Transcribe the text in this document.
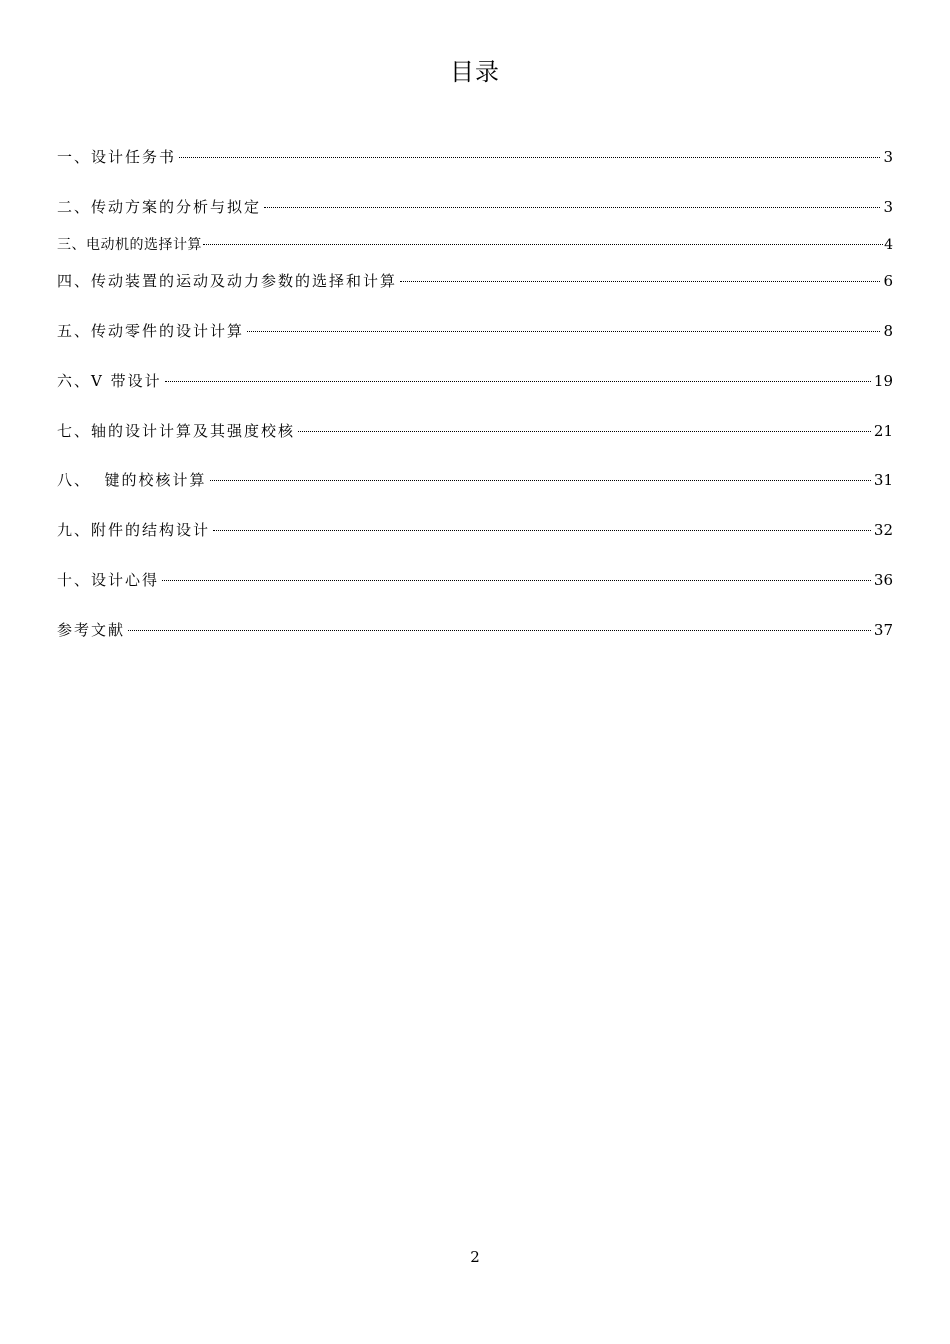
目录
一、设计任务书	3
二、传动方案的分析与拟定	3
三、电动机的选择计算	4
四、传动装置的运动及动力参数的选择和计算	6
五、传动零件的设计计算	8
六、V 带设计	19
七、轴的设计计算及其强度校核	21
八、  键的校核计算	31
九、附件的结构设计	32
十、设计心得	36
参考文献	37
2
